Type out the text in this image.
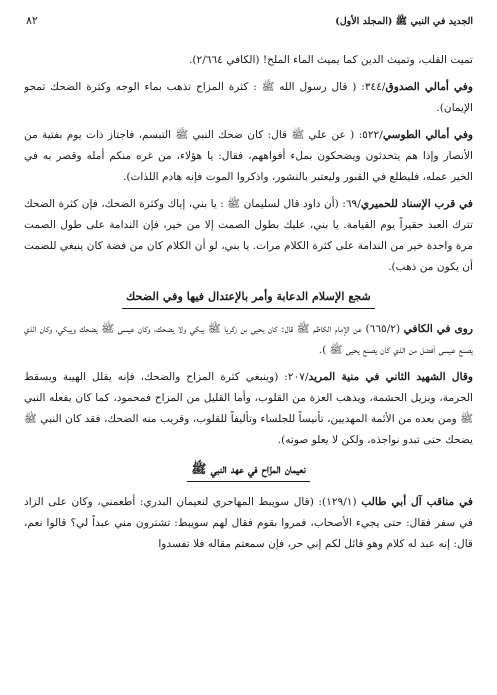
الجديد في النبي ﷺ (المجلد الأول)
٨٢

تميت القلب، وتميث الدين كما يميث الماء الملح! (الكافي ٢/٦٦٤).

وفي أمالي الصدوق/٣٤٤: ( قال رسول الله ﷺ : كثرة المزاح تذهب بماء الوجه وكثرة الضحك تمحو الإيمان).

وفي أمالي الطوسي/٥٢٢: ( عن علي ﷺ قال: كان ضحك النبي ﷺ التبسم، فاجتاز ذات يوم بفتية من الأنصار وإذا هم يتحدثون ويضحكون بملء أفواههم، فقال: يا هؤلاء، من غره منكم أمله وقصر به في الخير عمله، فليطلع في القبور وليعتبر بالنشور، واذكروا الموت فإنه هادم اللذات).

في قرب الإسناد للحميري/٦٩: (أن داود قال لسليمان ﷺ : يا بني، إياك وكثرة الضحك، فإن كثرة الضحك تترك العبد حقيراً يوم القيامة. يا بني، عليك بطول الصمت إلا من خير، فإن الندامة على طول الصمت مرة واحدة خير من الندامة على كثرة الكلام مرات. يا بني، لو أن الكلام كان من فضة كان ينبغي للصمت أن يكون من ذهب).

شجع الإسلام الدعابة وأمر بالإعتدال فيها وفي الضحك

روى في الكافي (٦٦٥/٢) عن الإمام الكاظم ﷺ قال: كان يحيى بن زكريا ﷺ يبكي ولا يضحك، وكان عيسى ﷺ يضحك ويبكي، وكان الذي يصنع عيسى أفضل من الذي كان يصنع يحيى ﷺ ).

وقال الشهيد الثاني في منية المريد/٢٠٧: (وينبغي كثرة المزاح والضحك، فإنه يقلل الهيبة ويسقط الحرمة، ويزيل الحشمة، ويذهب العزة من القلوب، وأما القليل من المزاح فمحمود، كما كان يفعله النبي ﷺ ومن بعده من الأئمة المهديين، تأنيساً للجلساء وتأليفاً للقلوب، وقريب منه الضحك، فقد كان النبي ﷺ يضحك حتى تبدو نواجذه، ولكن لا يعلو صوته).

نعيمان المزّاح في عهد النبي ﷺ

في مناقب آل أبي طالب (١٢٩/١): (قال سويبط المهاجري لنعيمان البدري: أطعمني، وكان على الزاد في سفر فقال: حتى يجيء الأصحاب، فمروا بقوم فقال لهم سويبط: تشترون مني عبداً لي؟ قالوا نعم، قال: إنه عبد له كلام وهو قائل لكم إني حر، فإن سمعتم مقاله فلا تفسدوا
